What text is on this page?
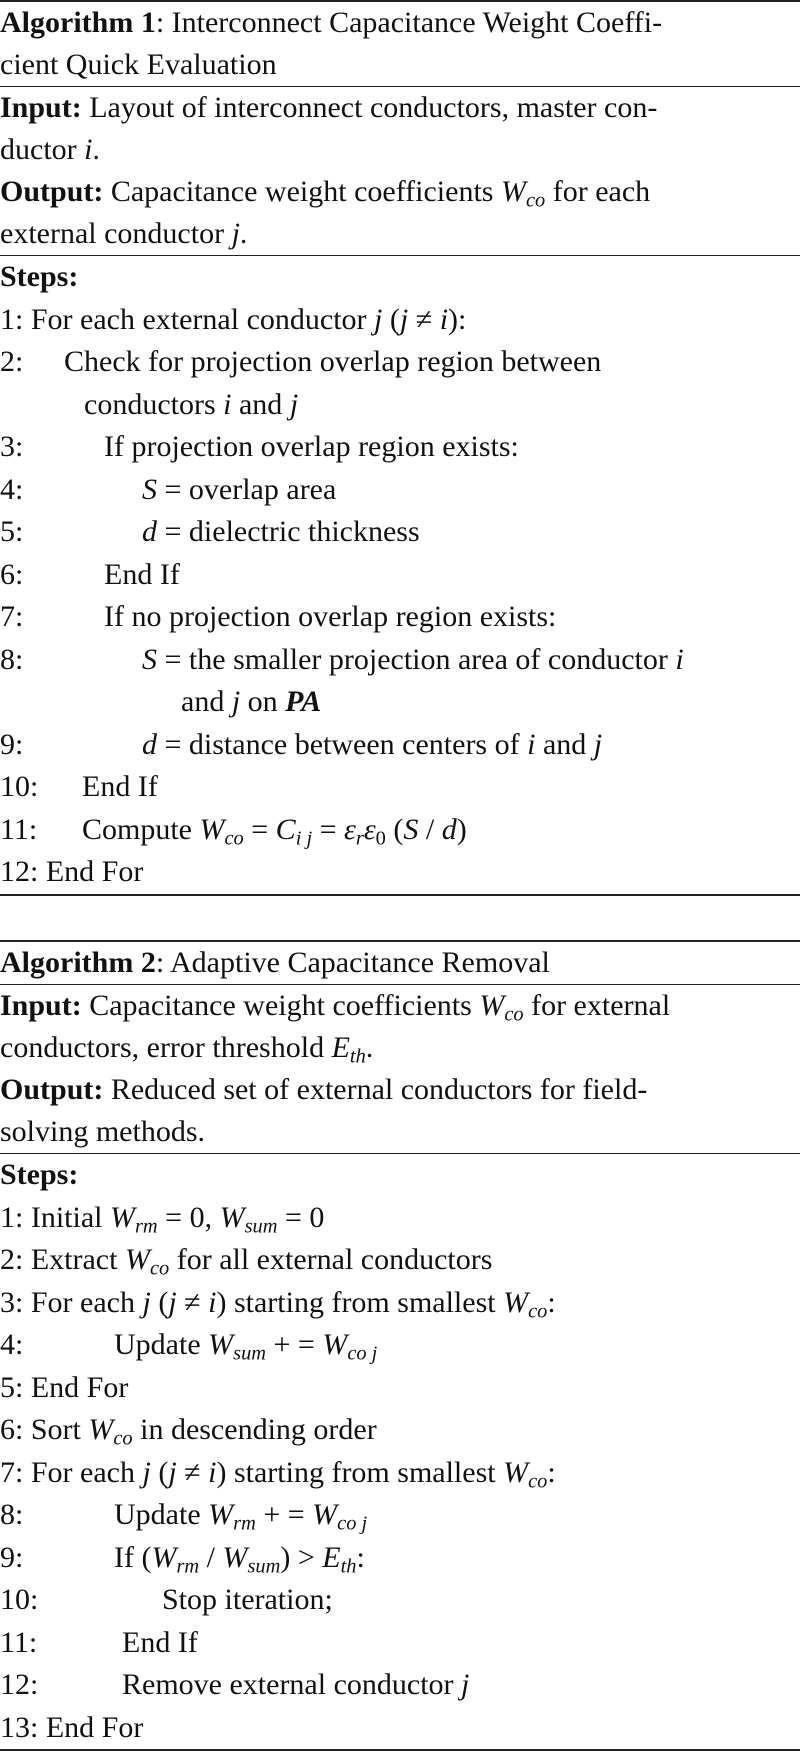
Algorithm 1: Interconnect Capacitance Weight Coeffi-

cient Quick Evaluation

Input: Layout of interconnect conductors, master con-

ductor i.

Output: Capacitance weight coefficients $W_{co}$ for each

external conductor j.

Steps:
1: For each external conductor j (j ≠ i):
2: Check for projection overlap region between

conductors i and j
3:	If projection overlap region exists:
4:	S = overlap area
5:	d = dielectric thickness
6:	End If
7:	If no projection overlap region exists:
8:	S = the smaller projection area of conductor i

and j on PA
9:	d = distance between centers of i and j
10: End If
11: Compute $W_{co} = C_{i j} = \varepsilon_r\varepsilon_0$ (S / d)
12: End For

Algorithm 2: Adaptive Capacitance Removal

Input: Capacitance weight coefficients $W_{co}$ for external

conductors, error threshold $E_{th}$.

Output: Reduced set of external conductors for field-

solving methods.

Steps:
1: Initial $W_{rm} = 0$, $W_{sum} = 0$
2: Extract $W_{co}$ for all external conductors
3: For each j (j ≠ i) starting from smallest $W_{co}$:
4:	Update $W_{sum}$ + = $W_{co j}$
5: End For
6: Sort $W_{co}$ in descending order
7: For each j (j ≠ i) starting from smallest $W_{co}$:
8:	Update $W_{rm}$ + = $W_{co j}$
9:	If $(W_{rm} / W_{sum}) > E_{th}$:
10:	Stop iteration;
11:	End If
12:	Remove external conductor j
13: End For
